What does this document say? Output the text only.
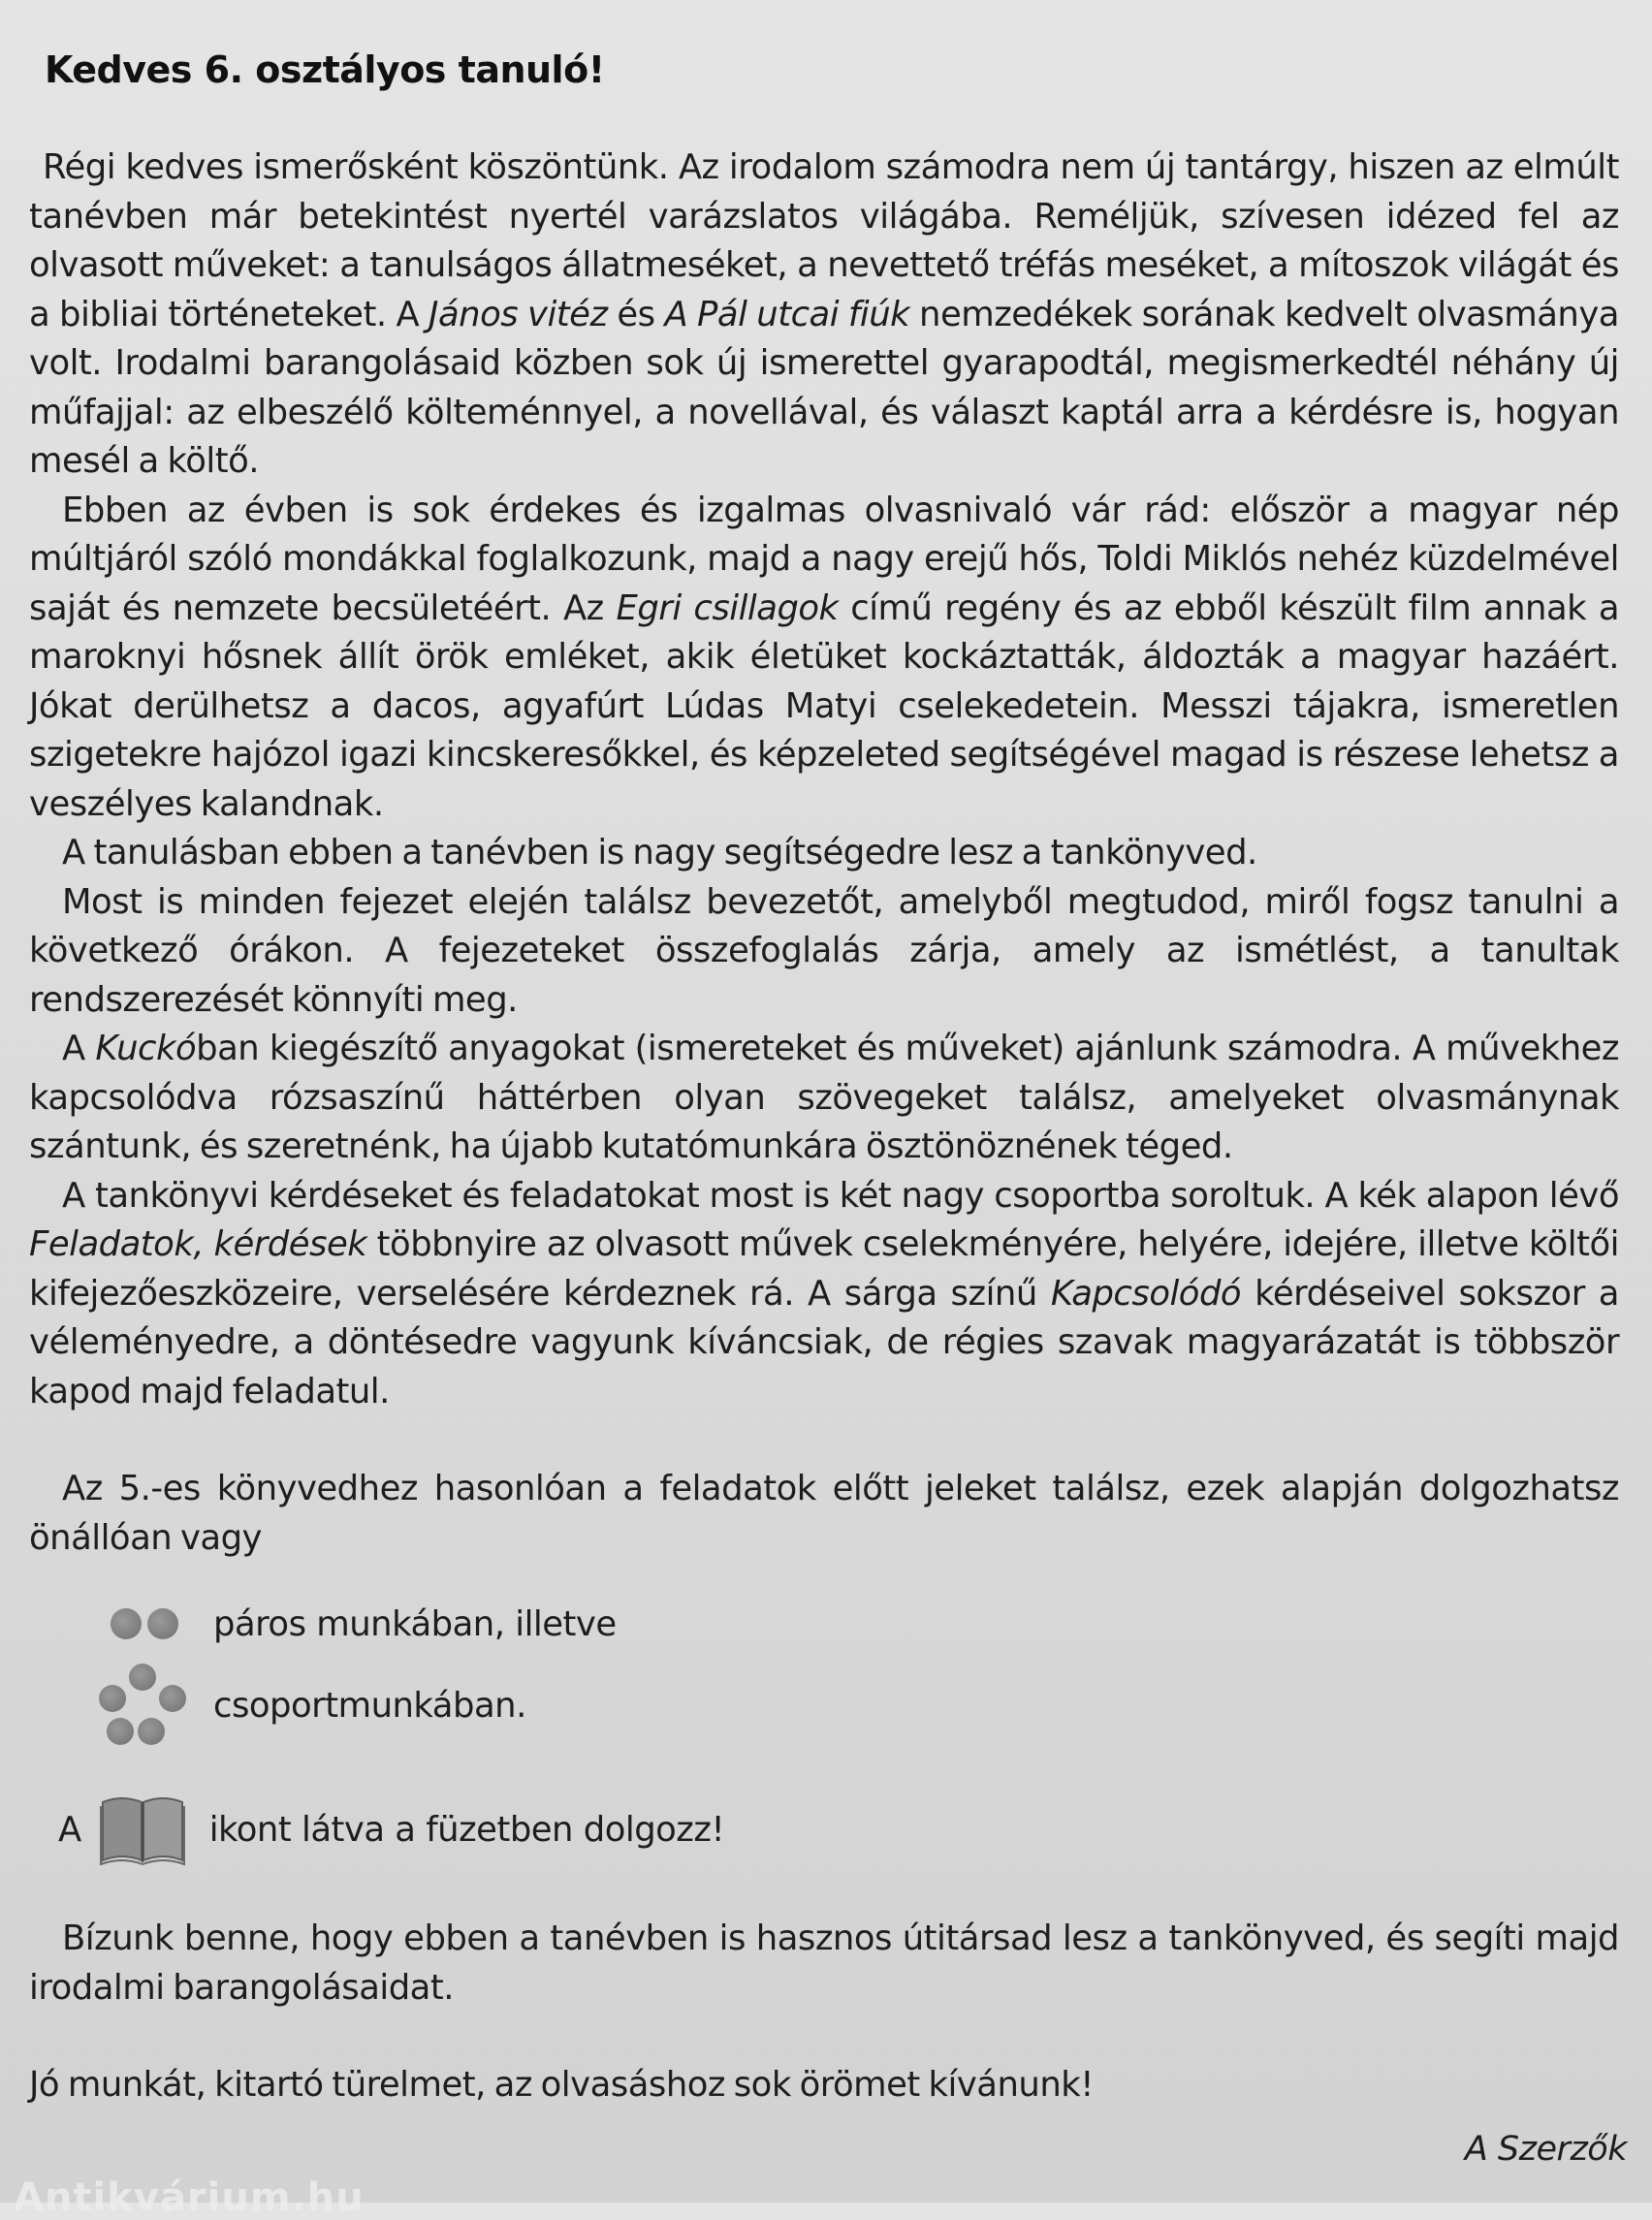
Kedves 6. osztályos tanuló!

Régi kedves ismerősként köszöntünk. Az irodalom számodra nem új tantárgy, hiszen az elmúlt tanévben már betekintést nyertél varázslatos világába. Reméljük, szívesen idézed fel az olvasott műveket: a tanulságos állatmeséket, a nevettető tréfás meséket, a mítoszok világát és a bibliai történeteket. A János vitéz és A Pál utcai fiúk nemzedékek sorának kedvelt olvasmánya volt. Irodalmi barangolásaid közben sok új ismerettel gyarapodtál, megismerkedtél néhány új műfajjal: az elbeszélő költeménnyel, a novellával, és választ kaptál arra a kérdésre is, hogyan mesél a költő.

Ebben az évben is sok érdekes és izgalmas olvasnivaló vár rád: először a magyar nép múltjáról szóló mondákkal foglalkozunk, majd a nagy erejű hős, Toldi Miklós nehéz küzdelmével saját és nemzete becsületéért. Az Egri csillagok című regény és az ebből készült film annak a maroknyi hősnek állít örök emléket, akik életüket kockáztatták, áldozták a magyar hazáért. Jókat derülhetsz a dacos, agyafúrt Lúdas Matyi cselekedetein. Messzi tájakra, ismeretlen szigetekre hajózol igazi kincskeresőkkel, és képzeleted segítségével magad is részese lehetsz a veszélyes kalandnak.

A tanulásban ebben a tanévben is nagy segítségedre lesz a tankönyved.

Most is minden fejezet elején találsz bevezetőt, amelyből megtudod, miről fogsz tanulni a következő órákon. A fejezeteket összefoglalás zárja, amely az ismétlést, a tanultak rendszerezését könnyíti meg.

A Kuckóban kiegészítő anyagokat (ismereteket és műveket) ajánlunk számodra. A művekhez kapcsolódva rózsaszínű háttérben olyan szövegeket találsz, amelyeket olvasmánynak szántunk, és szeretnénk, ha újabb kutatómunkára ösztönöznének téged.

A tankönyvi kérdéseket és feladatokat most is két nagy csoportba soroltuk. A kék alapon lévő Feladatok, kérdések többnyire az olvasott művek cselekményére, helyére, idejére, illetve költői kifejezőeszközeire, verselésére kérdeznek rá. A sárga színű Kapcsolódó kérdéseivel sokszor a véleményedre, a döntésedre vagyunk kíváncsiak, de régies szavak magyarázatát is többször kapod majd feladatul.

Az 5.-es könyvedhez hasonlóan a feladatok előtt jeleket találsz, ezek alapján dolgozhatsz önállóan vagy

páros munkában, illetve
csoportmunkában.
A	ikont látva a füzetben dolgozz!

Bízunk benne, hogy ebben a tanévben is hasznos útitársad lesz a tankönyved, és segíti majd irodalmi barangolásaidat.

Jó munkát, kitartó türelmet, az olvasáshoz sok örömet kívánunk!

A Szerzők
Antikvárium.hu
